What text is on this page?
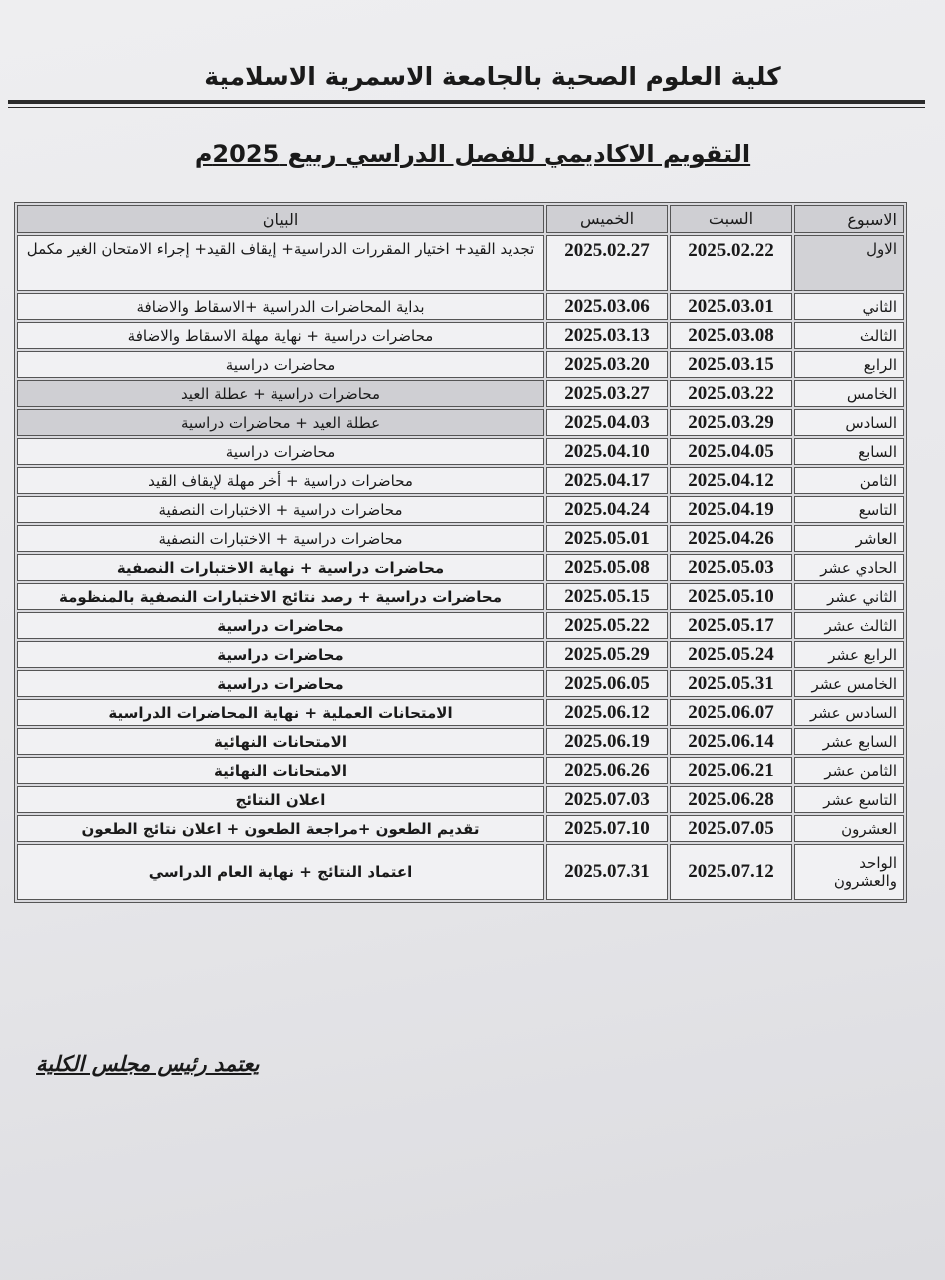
كلية العلوم الصحية بالجامعة الاسمرية الاسلامية
التقويم الاكاديمي للفصل الدراسي ربيع 2025م
الاسبوع	السبت	الخميس	البيان
الاول	2025.02.22	2025.02.27	تجديد القيد+ اختيار المقررات الدراسية+ إيقاف القيد+ إجراء الامتحان الغير مكمل
الثاني	2025.03.01	2025.03.06	بداية المحاضرات الدراسية +الاسقاط والاضافة
الثالث	2025.03.08	2025.03.13	محاضرات دراسية + نهاية مهلة الاسقاط والاضافة
الرابع	2025.03.15	2025.03.20	محاضرات دراسية
الخامس	2025.03.22	2025.03.27	محاضرات دراسية + عطلة العيد
السادس	2025.03.29	2025.04.03	عطلة العيد + محاضرات دراسية
السابع	2025.04.05	2025.04.10	محاضرات دراسية
الثامن	2025.04.12	2025.04.17	محاضرات دراسية + أخر مهلة لإيقاف القيد
التاسع	2025.04.19	2025.04.24	محاضرات دراسية + الاختبارات النصفية
العاشر	2025.04.26	2025.05.01	محاضرات دراسية + الاختبارات النصفية
الحادي عشر	2025.05.03	2025.05.08	محاضرات دراسية + نهاية الاختبارات النصفية
الثاني عشر	2025.05.10	2025.05.15	محاضرات دراسية + رصد نتائج الاختبارات النصفية بالمنظومة
الثالث عشر	2025.05.17	2025.05.22	محاضرات دراسية
الرابع عشر	2025.05.24	2025.05.29	محاضرات دراسية
الخامس عشر	2025.05.31	2025.06.05	محاضرات دراسية
السادس عشر	2025.06.07	2025.06.12	الامتحانات العملية + نهاية المحاضرات الدراسية
السابع عشر	2025.06.14	2025.06.19	الامتحانات النهائية
الثامن عشر	2025.06.21	2025.06.26	الامتحانات النهائية
التاسع عشر	2025.06.28	2025.07.03	اعلان النتائج
العشرون	2025.07.05	2025.07.10	تقديم الطعون +مراجعة الطعون + اعلان نتائج الطعون
الواحد والعشرون	2025.07.12	2025.07.31	اعتماد النتائج + نهاية العام الدراسي
يعتمد رئيس مجلس الكلية
